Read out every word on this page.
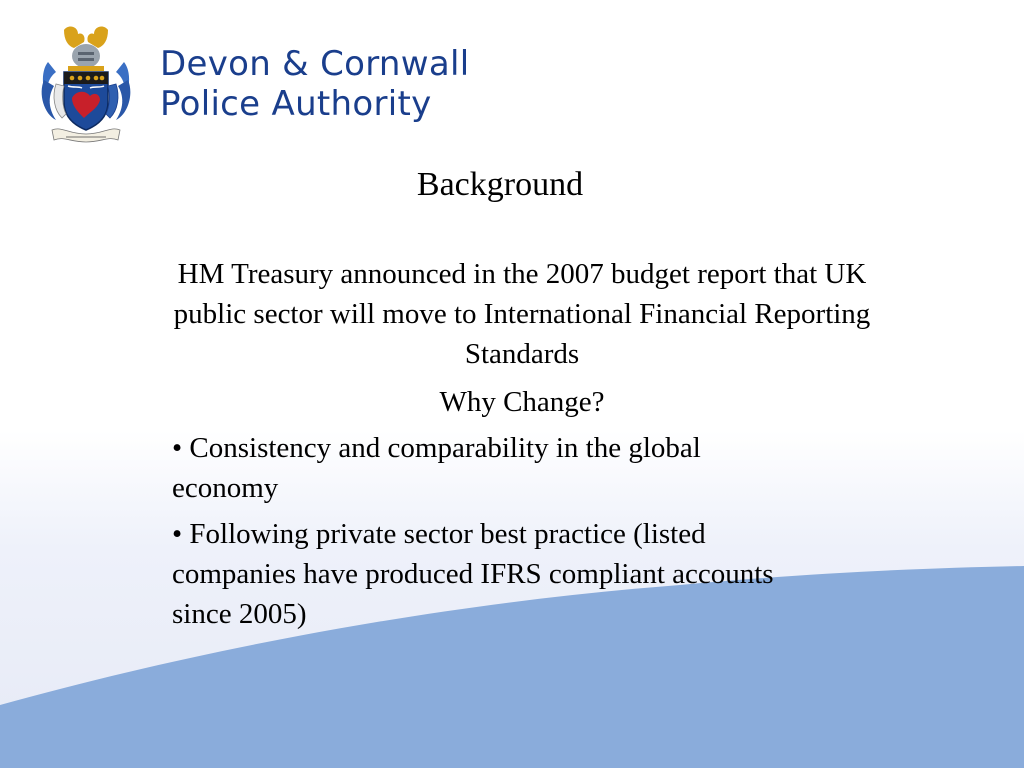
Devon & Cornwall
Police Authority
Background

HM Treasury announced in the 2007 budget report that UK public sector will move to International Financial Reporting Standards

Why Change?

• Consistency and comparability in the global economy

• Following private sector best practice (listed companies have produced IFRS compliant accounts since 2005)
